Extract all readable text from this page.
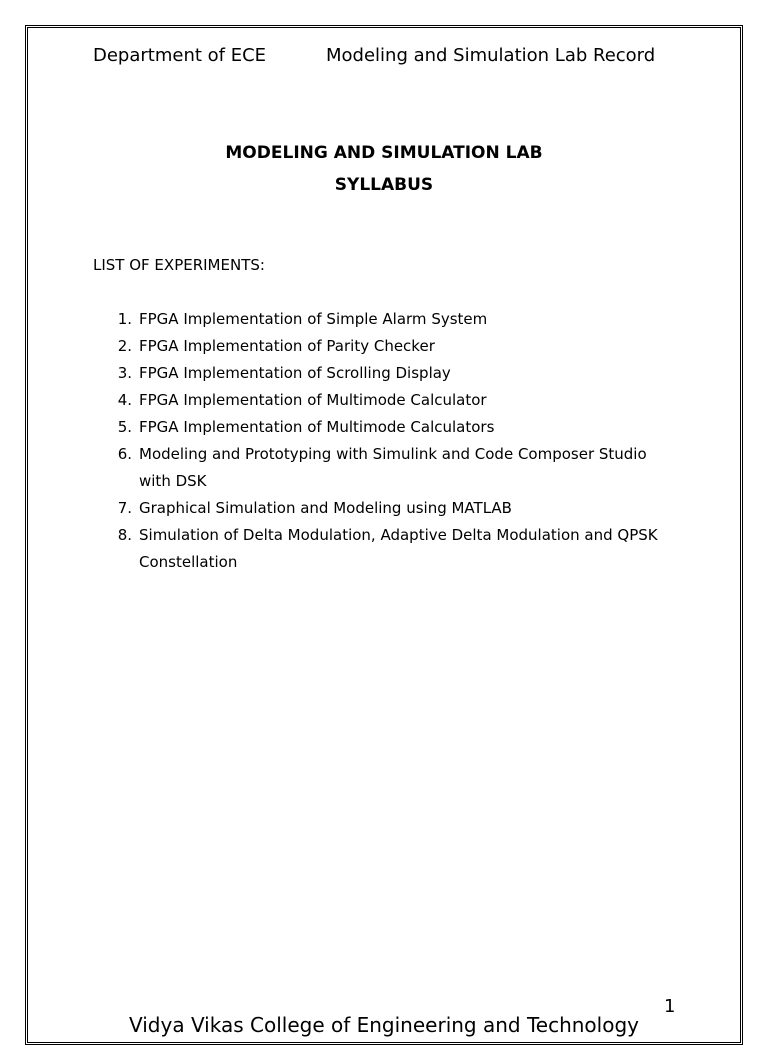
Department of ECE	Modeling and Simulation Lab Record
MODELING AND SIMULATION LAB
SYLLABUS
LIST OF EXPERIMENTS:
1. FPGA Implementation of Simple Alarm System
2. FPGA Implementation of Parity Checker
3. FPGA Implementation of Scrolling Display
4. FPGA Implementation of Multimode Calculator
5. FPGA Implementation of Multimode Calculators
6. Modeling and Prototyping with Simulink and Code Composer Studio with DSK
7. Graphical Simulation and Modeling using MATLAB
8. Simulation of Delta Modulation, Adaptive Delta Modulation and QPSK Constellation
1
Vidya Vikas College of Engineering and Technology
